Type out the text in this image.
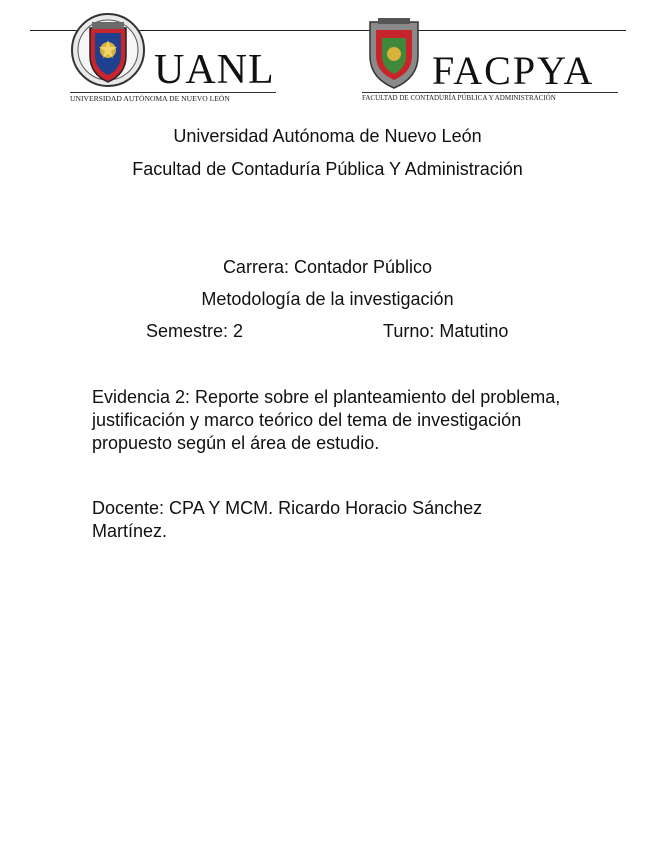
UANL
UNIVERSIDAD AUTÓNOMA DE NUEVO LEÓN
FACPYA
FACULTAD DE CONTADURÍA PÚBLICA Y ADMINISTRACIÓN
Universidad Autónoma de Nuevo León
Facultad de Contaduría Pública Y Administración
Carrera: Contador Público
Metodología de la investigación
Semestre: 2	Turno: Matutino
Evidencia 2: Reporte sobre el planteamiento del problema, justificación y marco teórico del tema de investigación propuesto según el área de estudio.
Docente: CPA Y MCM. Ricardo Horacio Sánchez Martínez.
